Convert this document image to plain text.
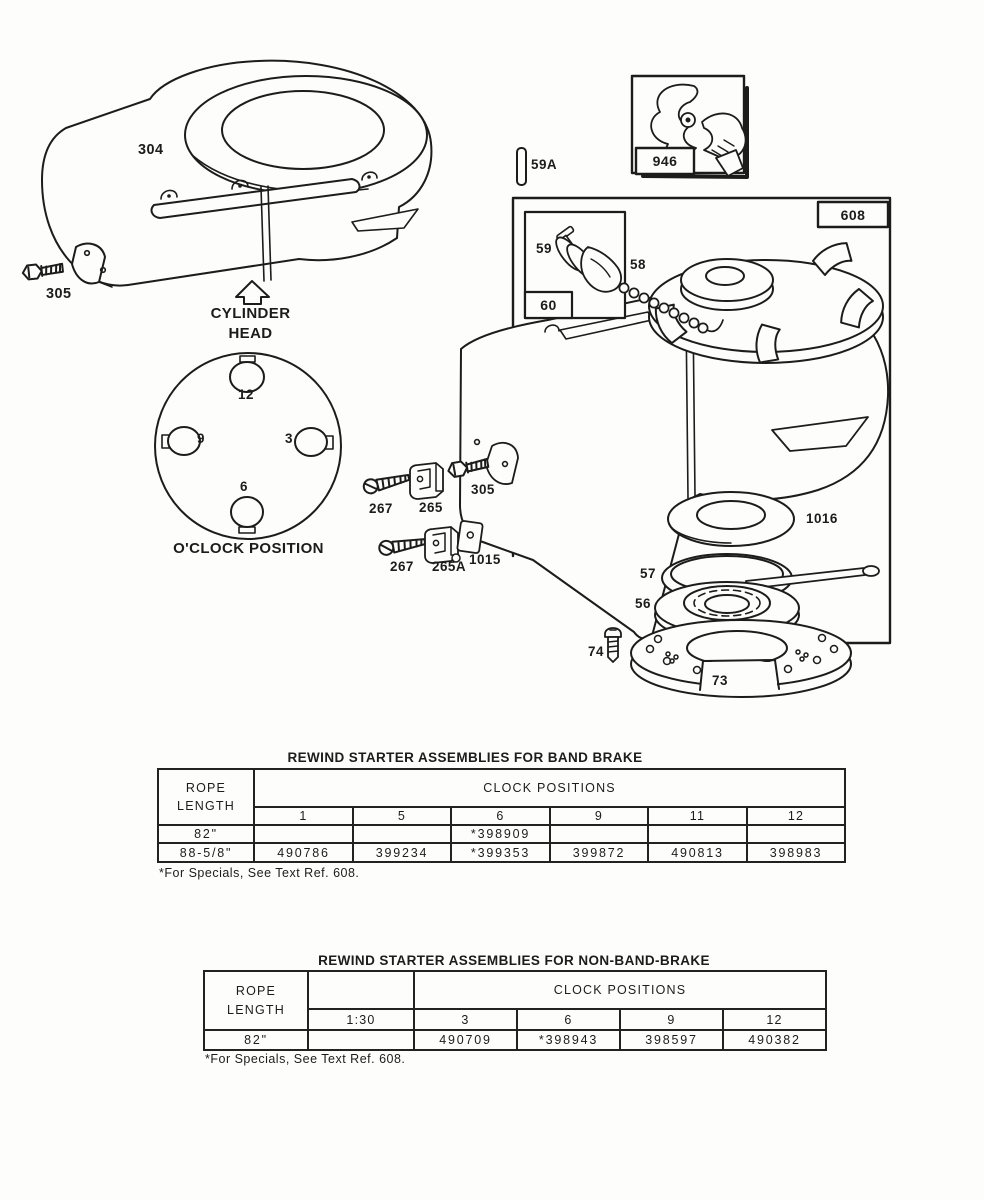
304
305
CYLINDER
HEAD
12
9	3
6
O'CLOCK POSITION
59A	946
608
59
60
58
267 265
305
267 265A 1015
1016
57
56
74
73
REWIND STARTER ASSEMBLIES FOR BAND BRAKE
ROPE
LENGTH	CLOCK POSITIONS					
	1	5	6	9	11	12
82"			*398909			
88-5/8"	490786	399234	*399353	399872	490813	398983
*For Specials, See Text Ref. 608.
REWIND STARTER ASSEMBLIES FOR NON-BAND-BRAKE
ROPE
LENGTH		CLOCK POSITIONS			
	1:30	3	6	9	12
82"		490709	*398943	398597	490382
*For Specials, See Text Ref. 608.
